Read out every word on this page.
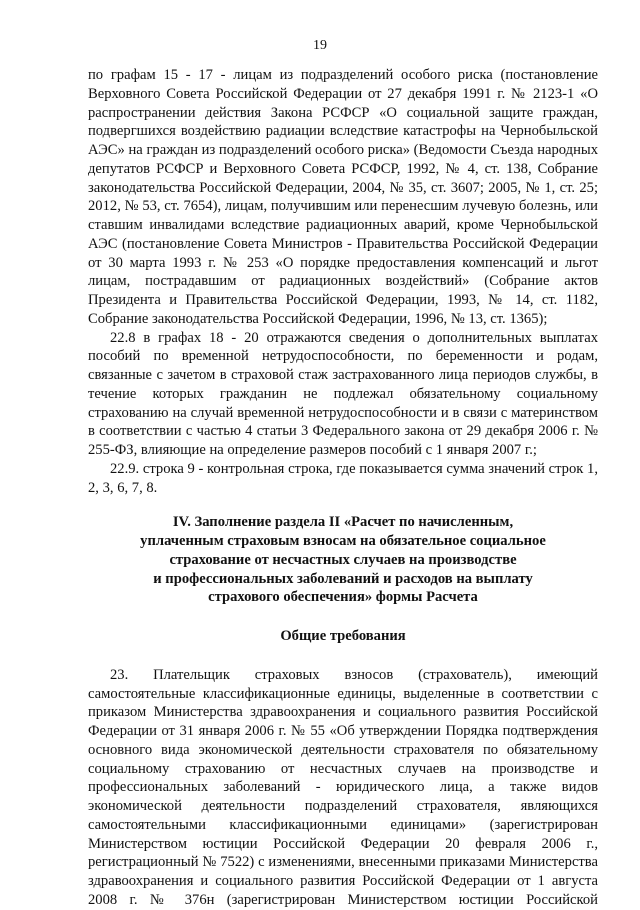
19

по графам 15 - 17 - лицам из подразделений особого риска (постановление Верховного Совета Российской Федерации от 27 декабря 1991 г. № 2123-1 «О распространении действия Закона РСФСР «О социальной защите граждан, подвергшихся воздействию радиации вследствие катастрофы на Чернобыльской АЭС» на граждан из подразделений особого риска» (Ведомости Съезда народных депутатов РСФСР и Верховного Совета РСФСР, 1992, № 4, ст. 138, Собрание законодательства Российской Федерации, 2004, № 35, ст. 3607; 2005, № 1, ст. 25; 2012, № 53, ст. 7654), лицам, получившим или перенесшим лучевую болезнь, или ставшим инвалидами вследствие радиационных аварий, кроме Чернобыльской АЭС (постановление Совета Министров - Правительства Российской Федерации от 30 марта 1993 г. № 253 «О порядке предоставления компенсаций и льгот лицам, пострадавшим от радиационных воздействий» (Собрание актов Президента и Правительства Российской Федерации, 1993, № 14, ст. 1182, Собрание законодательства Российской Федерации, 1996, № 13, ст. 1365);

22.8 в графах 18 - 20 отражаются сведения о дополнительных выплатах пособий по временной нетрудоспособности, по беременности и родам, связанные с зачетом в страховой стаж застрахованного лица периодов службы, в течение которых гражданин не подлежал обязательному социальному страхованию на случай временной нетрудоспособности и в связи с материнством в соответствии с частью 4 статьи 3 Федерального закона от 29 декабря 2006 г. № 255-ФЗ, влияющие на определение размеров пособий с 1 января 2007 г.;

22.9. строка 9 - контрольная строка, где показывается сумма значений строк 1, 2, 3, 6, 7, 8.

IV. Заполнение раздела II «Расчет по начисленным,
уплаченным страховым взносам на обязательное социальное
страхование от несчастных случаев на производстве
и профессиональных заболеваний и расходов на выплату
страхового обеспечения» формы Расчета
Общие требования

23. Плательщик страховых взносов (страхователь), имеющий самостоятельные классификационные единицы, выделенные в соответствии с приказом Министерства здравоохранения и социального развития Российской Федерации от 31 января 2006 г. № 55 «Об утверждении Порядка подтверждения основного вида экономической деятельности страхователя по обязательному социальному страхованию от несчастных случаев на производстве и профессиональных заболеваний - юридического лица, а также видов экономической деятельности подразделений страхователя, являющихся самостоятельными классификационными единицами» (зарегистрирован Министерством юстиции Российской Федерации 20 февраля 2006 г., регистрационный № 7522) с изменениями, внесенными приказами Министерства здравоохранения и социального развития Российской Федерации от 1 августа 2008 г. № 376н (зарегистрирован Министерством юстиции Российской
